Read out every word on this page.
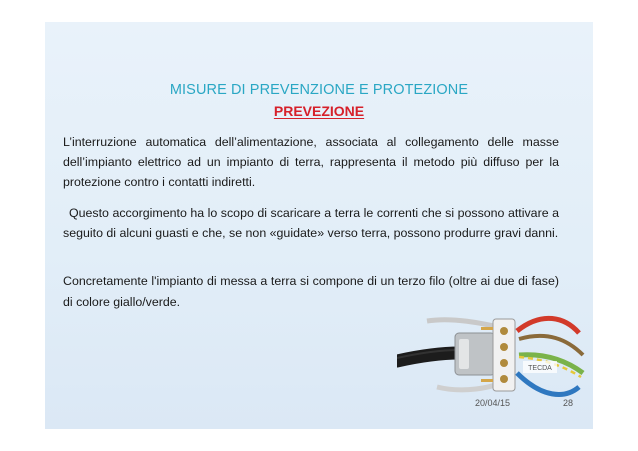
MISURE DI PREVENZIONE E PROTEZIONE
PREVEZIONE

L’interruzione automatica dell’alimentazione, associata al collegamento delle masse dell’impianto elettrico ad un impianto di terra, rappresenta il metodo più diffuso per la protezione contro i contatti indiretti.

Questo accorgimento ha lo scopo di scaricare a terra le correnti che si possono attivare a seguito di alcuni guasti e che, se non «guidate» verso terra, possono produrre gravi danni.

Concretamente l'impianto di messa a terra si compone di un terzo filo (oltre ai due di fase) di colore giallo/verde.

TECDA
20/04/15	28
